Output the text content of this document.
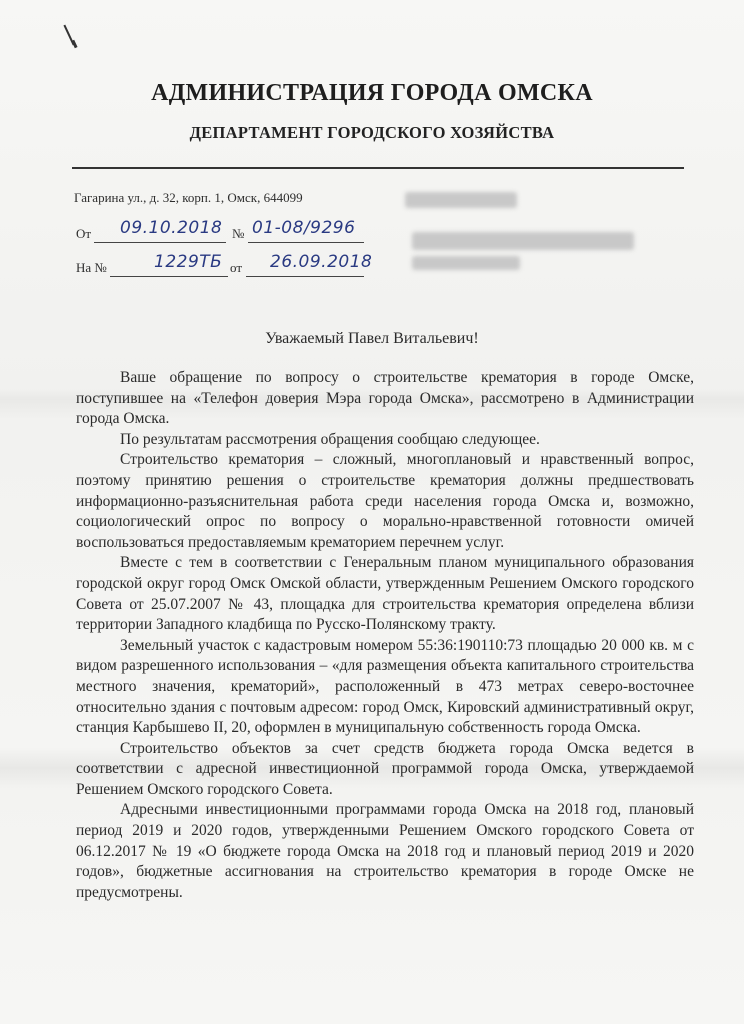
АДМИНИСТРАЦИЯ ГОРОДА ОМСКА
ДЕПАРТАМЕНТ ГОРОДСКОГО ХОЗЯЙСТВА
Гагарина ул., д. 32, корп. 1, Омск, 644099
От 09.10.2018 № 01-08/9296
На №	1229ТБ от 26.09.2018
Уважаемый Павел Витальевич!

Ваше обращение по вопросу о строительстве крематория в городе Омске, поступившее на «Телефон доверия Мэра города Омска», рассмотрено в Администрации города Омска.

По результатам рассмотрения обращения сообщаю следующее.

Строительство крематория – сложный, многоплановый и нравственный вопрос, поэтому принятию решения о строительстве крематория должны предшествовать информационно-разъяснительная работа среди населения города Омска и, возможно, социологический опрос по вопросу о морально-нравственной готовности омичей воспользоваться предоставляемым крематорием перечнем услуг.

Вместе с тем в соответствии с Генеральным планом муниципального образования городской округ город Омск Омской области, утвержденным Решением Омского городского Совета от 25.07.2007 № 43, площадка для строительства крематория определена вблизи территории Западного кладбища по Русско-Полянскому тракту.

Земельный участок с кадастровым номером 55:36:190110:73 площадью 20 000 кв. м с видом разрешенного использования – «для размещения объекта капитального строительства местного значения, крематорий», расположенный в 473 метрах северо-восточнее относительно здания с почтовым адресом: город Омск, Кировский административный округ, станция Карбышево II, 20, оформлен в муниципальную собственность города Омска.

Строительство объектов за счет средств бюджета города Омска ведется в соответствии с адресной инвестиционной программой города Омска, утверждаемой Решением Омского городского Совета.

Адресными инвестиционными программами города Омска на 2018 год, плановый период 2019 и 2020 годов, утвержденными Решением Омского городского Совета от 06.12.2017 № 19 «О бюджете города Омска на 2018 год и плановый период 2019 и 2020 годов», бюджетные ассигнования на строительство крематория в городе Омске не предусмотрены.
